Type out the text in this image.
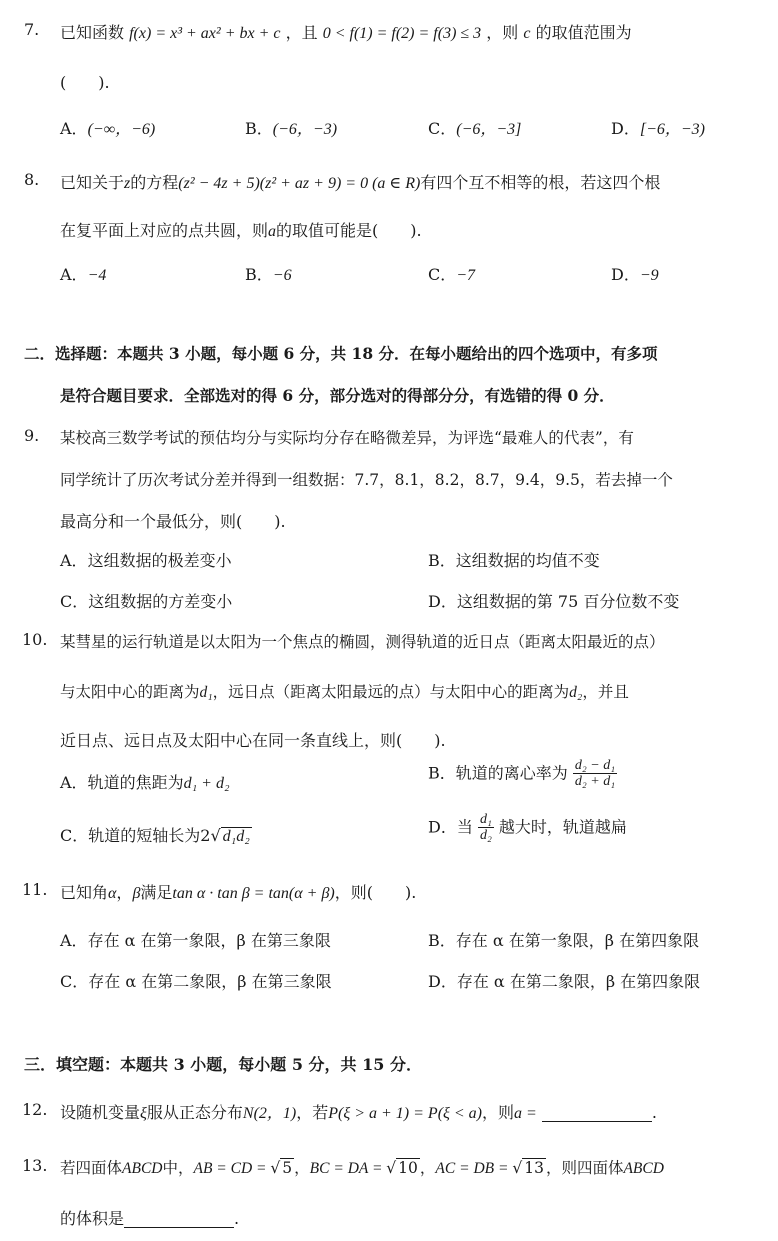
7. 已知函数 f(x) = x³ + ax² + bx + c ，且 0 < f(1) = f(2) = f(3) ≤ 3 ，则 c 的取值范围为
(　　).
A．(−∞，−6)	B．(−6，−3)	C．(−6，−3]	D．[−6，−3)
8. 已知关于z的方程(z² − 4z + 5)(z² + az + 9) = 0 (a ∈ R)有四个互不相等的根，若这四个根
在复平面上对应的点共圆，则a的取值可能是(　　).
A．−4	B．−6	C．−7	D．−9
二．选择题：本题共 3 小题，每小题 6 分，共 18 分．在每小题给出的四个选项中，有多项
是符合题目要求．全部选对的得 6 分，部分选对的得部分分，有选错的得 0 分．
9. 某校高三数学考试的预估均分与实际均分存在略微差异，为评选“最难人的代表”，有
同学统计了历次考试分差并得到一组数据：7.7，8.1，8.2，8.7，9.4，9.5，若去掉一个
最高分和一个最低分，则(　　).
A．这组数据的极差变小	B．这组数据的均值不变
C．这组数据的方差变小	D．这组数据的第 75 百分位数不变
10. 某彗星的运行轨道是以太阳为一个焦点的椭圆，测得轨道的近日点（距离太阳最近的点）
与太阳中心的距离为d₁，远日点（距离太阳最远的点）与太阳中心的距离为d₂，并且
近日点、远日点及太阳中心在同一条直线上，则(　　).
A．轨道的焦距为d₁ + d₂
B．轨道的离心率为 $\frac{\text{d₂ − d₁}}{\text{d₂ + d₁}}$
C．轨道的短轴长为2√ d₁d₂
D．当 $\frac{\text{d₁}}{\text{d₂}}$ 越大时，轨道越扁
11. 已知角α，β满足tan α · tan β = tan(α + β)，则(　　).
A．存在 α 在第一象限，β 在第三象限	B．存在 α 在第一象限，β 在第四象限
C．存在 α 在第二象限，β 在第三象限	D．存在 α 在第二象限，β 在第四象限
三．填空题：本题共 3 小题，每小题 5 分，共 15 分．
12. 设随机变量ξ服从正态分布N(2，1)，若P(ξ > a + 1) = P(ξ < a)，则a =	.
13. 若四面体ABCD中，AB = CD = √ 5 ，BC = DA = √ 10 ，AC = DB = √ 13 ，则四面体ABCD
的体积是	.
